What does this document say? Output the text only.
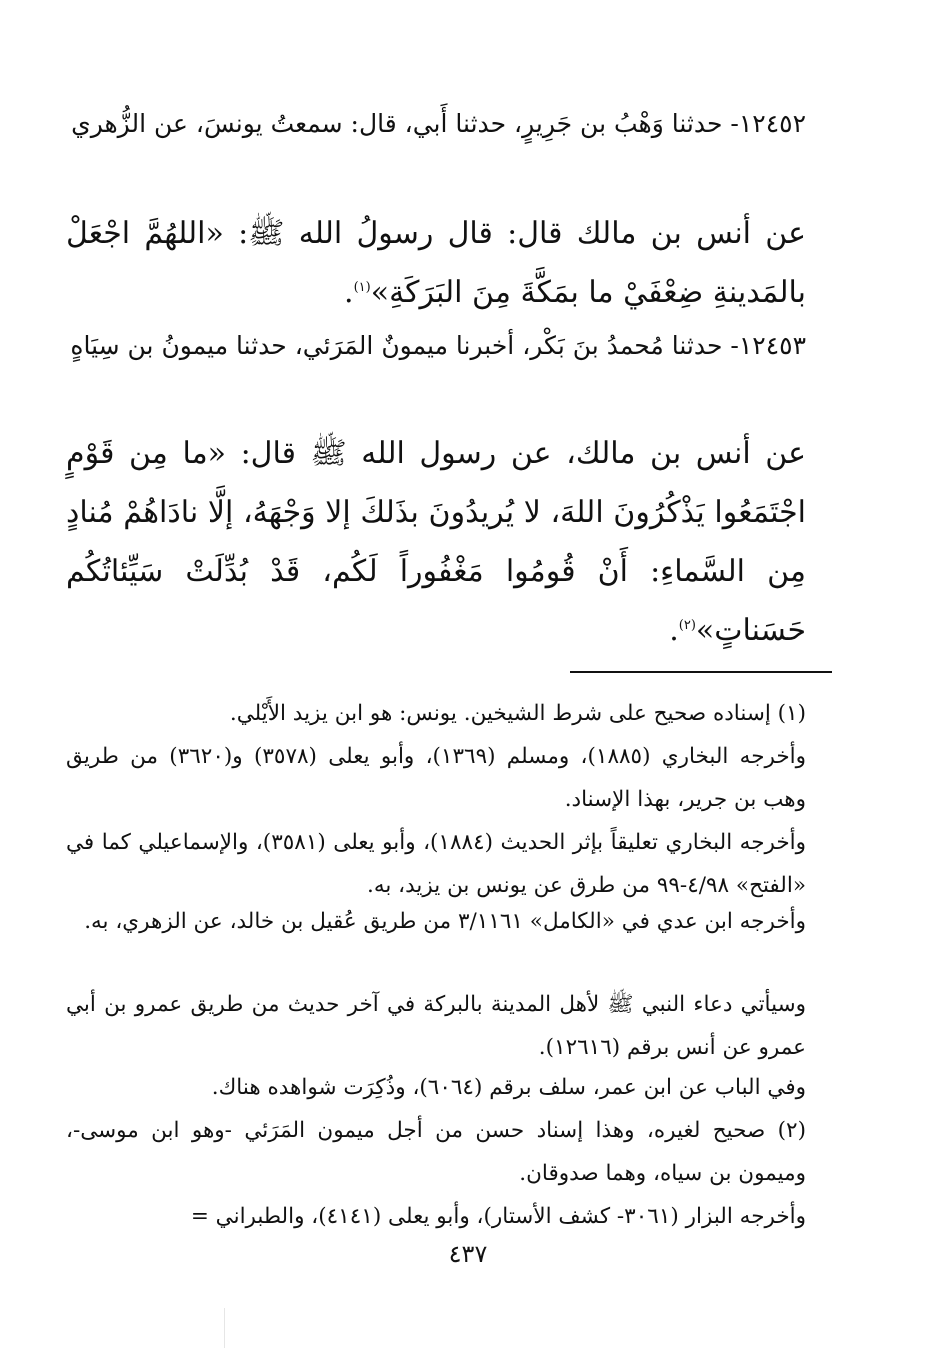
١٢٤٥٢- حدثنا وَهْبُ بن جَرِيرٍ، حدثنا أَبي، قال: سمعتُ يونسَ، عن الزُّهري
عن أنس بن مالك قال: قال رسولُ الله ﷺ: «اللهُمَّ اجْعَلْ بالمَدينةِ ضِعْفَيْ ما بمَكَّةَ مِنَ البَرَكَةِ»$^{(١)}$.
١٢٤٥٣- حدثنا مُحمدُ بنَ بَكْر، أخبرنا ميمونٌ المَرَئي، حدثنا ميمونُ بن سِيَاهٍ
عن أنس بن مالك، عن رسول الله ﷺ قال: «ما مِن قَوْمٍ اجْتَمَعُوا يَذْكُرُونَ اللهَ، لا يُريدُونَ بذَلكَ إلا وَجْهَهُ، إلَّا نادَاهُمْ مُنادٍ مِن السَّماءِ: أَنْ قُومُوا مَغْفُوراً لَكُم، قَدْ بُدِّلَتْ سَيِّئاتُكُم حَسَناتٍ»$^{(٢)}$.
(١) إسناده صحيح على شرط الشيخين. يونس: هو ابن يزيد الأَيْلي.
وأخرجه البخاري (١٨٨٥)، ومسلم (١٣٦٩)، وأبو يعلى (٣٥٧٨) و(٣٦٢٠) من طريق وهب بن جرير، بهذا الإسناد.
وأخرجه البخاري تعليقاً بإثر الحديث (١٨٨٤)، وأبو يعلى (٣٥٨١)، والإسماعيلي كما في «الفتح» ٤/٩٨-٩٩ من طرق عن يونس بن يزيد، به.
وأخرجه ابن عدي في «الكامل» ٣/١١٦١ من طريق عُقيل بن خالد، عن الزهري، به.
وسيأتي دعاء النبي ﷺ لأهل المدينة بالبركة في آخر حديث من طريق عمرو بن أبي عمرو عن أنس برقم (١٢٦١٦).
وفي الباب عن ابن عمر، سلف برقم (٦٠٦٤)، وذُكِرَت شواهده هناك.
(٢) صحيح لغيره، وهذا إسناد حسن من أجل ميمون المَرَئي -وهو ابن موسى-، وميمون بن سياه، وهما صدوقان.
وأخرجه البزار (٣٠٦١- كشف الأستار)، وأبو يعلى (٤١٤١)، والطبراني =
٤٣٧
